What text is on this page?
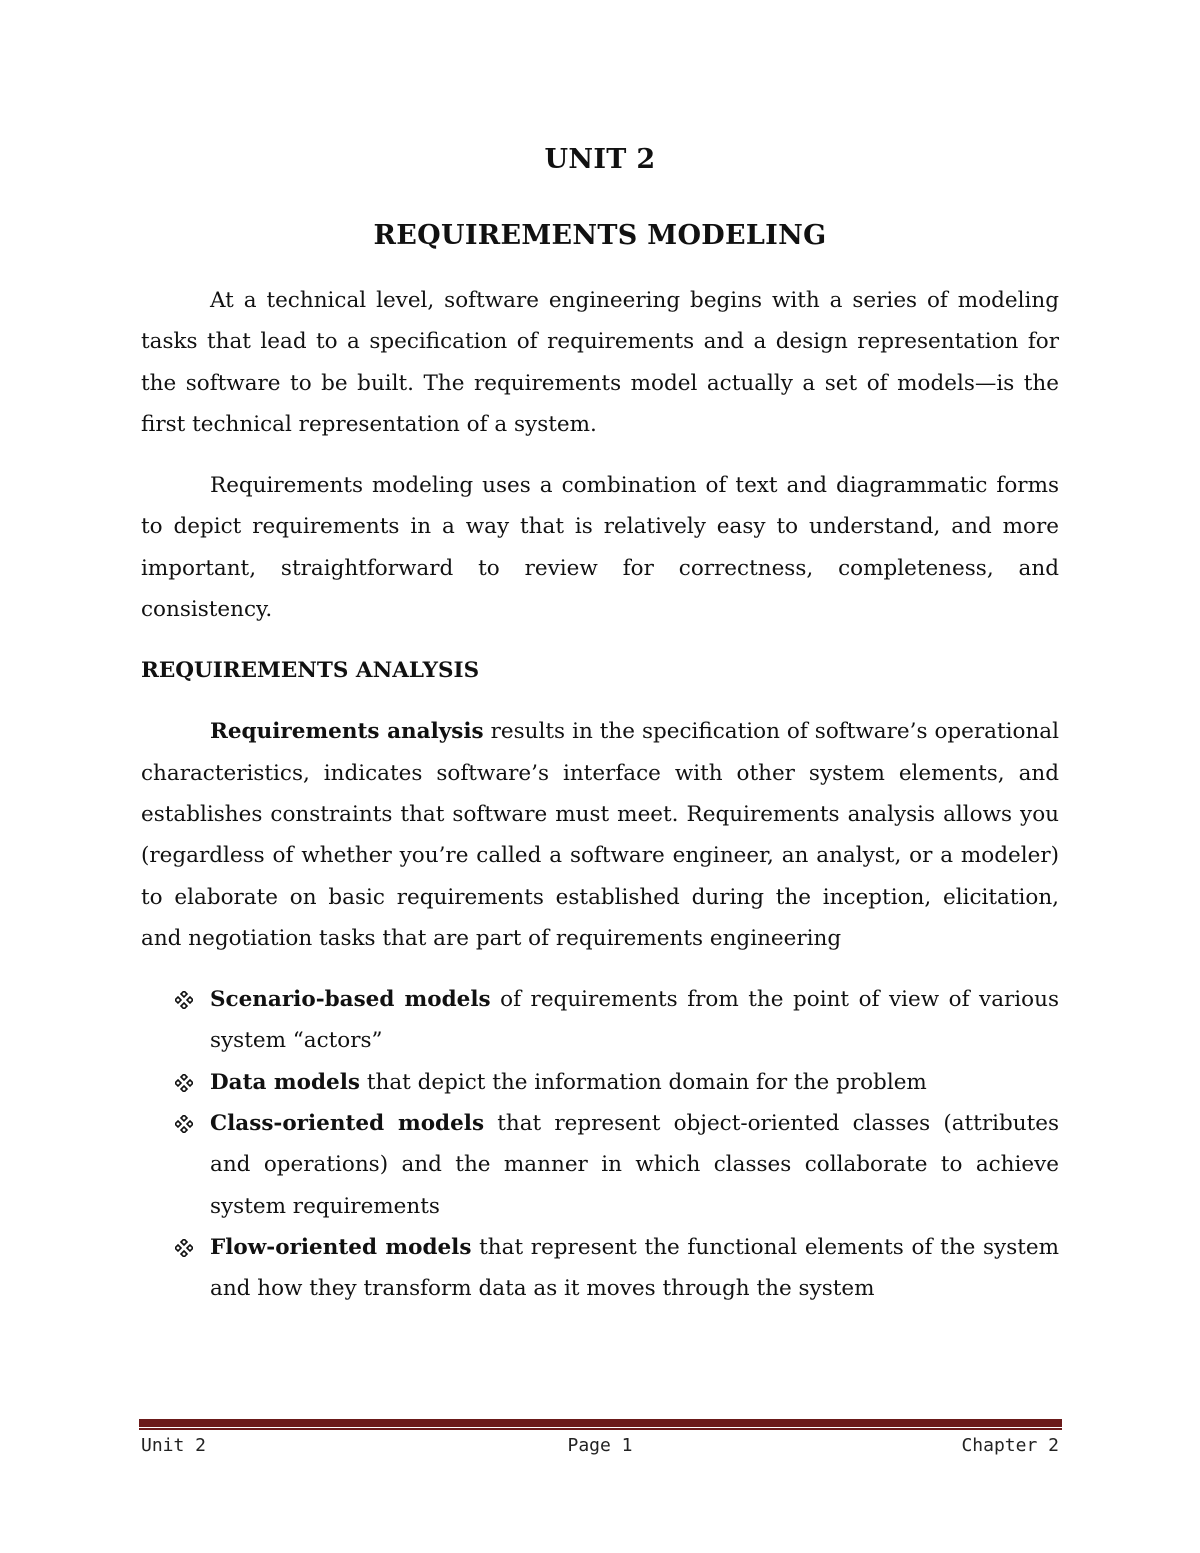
UNIT 2
REQUIREMENTS MODELING

At a technical level, software engineering begins with a series of modeling tasks that lead to a specification of requirements and a design representation for the software to be built. The requirements model actually a set of models—is the first technical representation of a system.

Requirements modeling uses a combination of text and diagrammatic forms to depict requirements in a way that is relatively easy to understand, and more important, straightforward to review for correctness, completeness, and consistency.

REQUIREMENTS ANALYSIS

Requirements analysis results in the specification of software’s operational characteristics, indicates software’s interface with other system elements, and establishes constraints that software must meet. Requirements analysis allows you (regardless of whether you’re called a software engineer, an analyst, or a modeler) to elaborate on basic requirements established during the inception, elicitation, and negotiation tasks that are part of requirements engineering

Scenario-based models of requirements from the point of view of various system “actors”
Data models that depict the information domain for the problem
Class-oriented models that represent object-oriented classes (attributes and operations) and the manner in which classes collaborate to achieve system requirements
Flow-oriented models that represent the functional elements of the system and how they transform data as it moves through the system
Unit 2	Page 1	Chapter 2
